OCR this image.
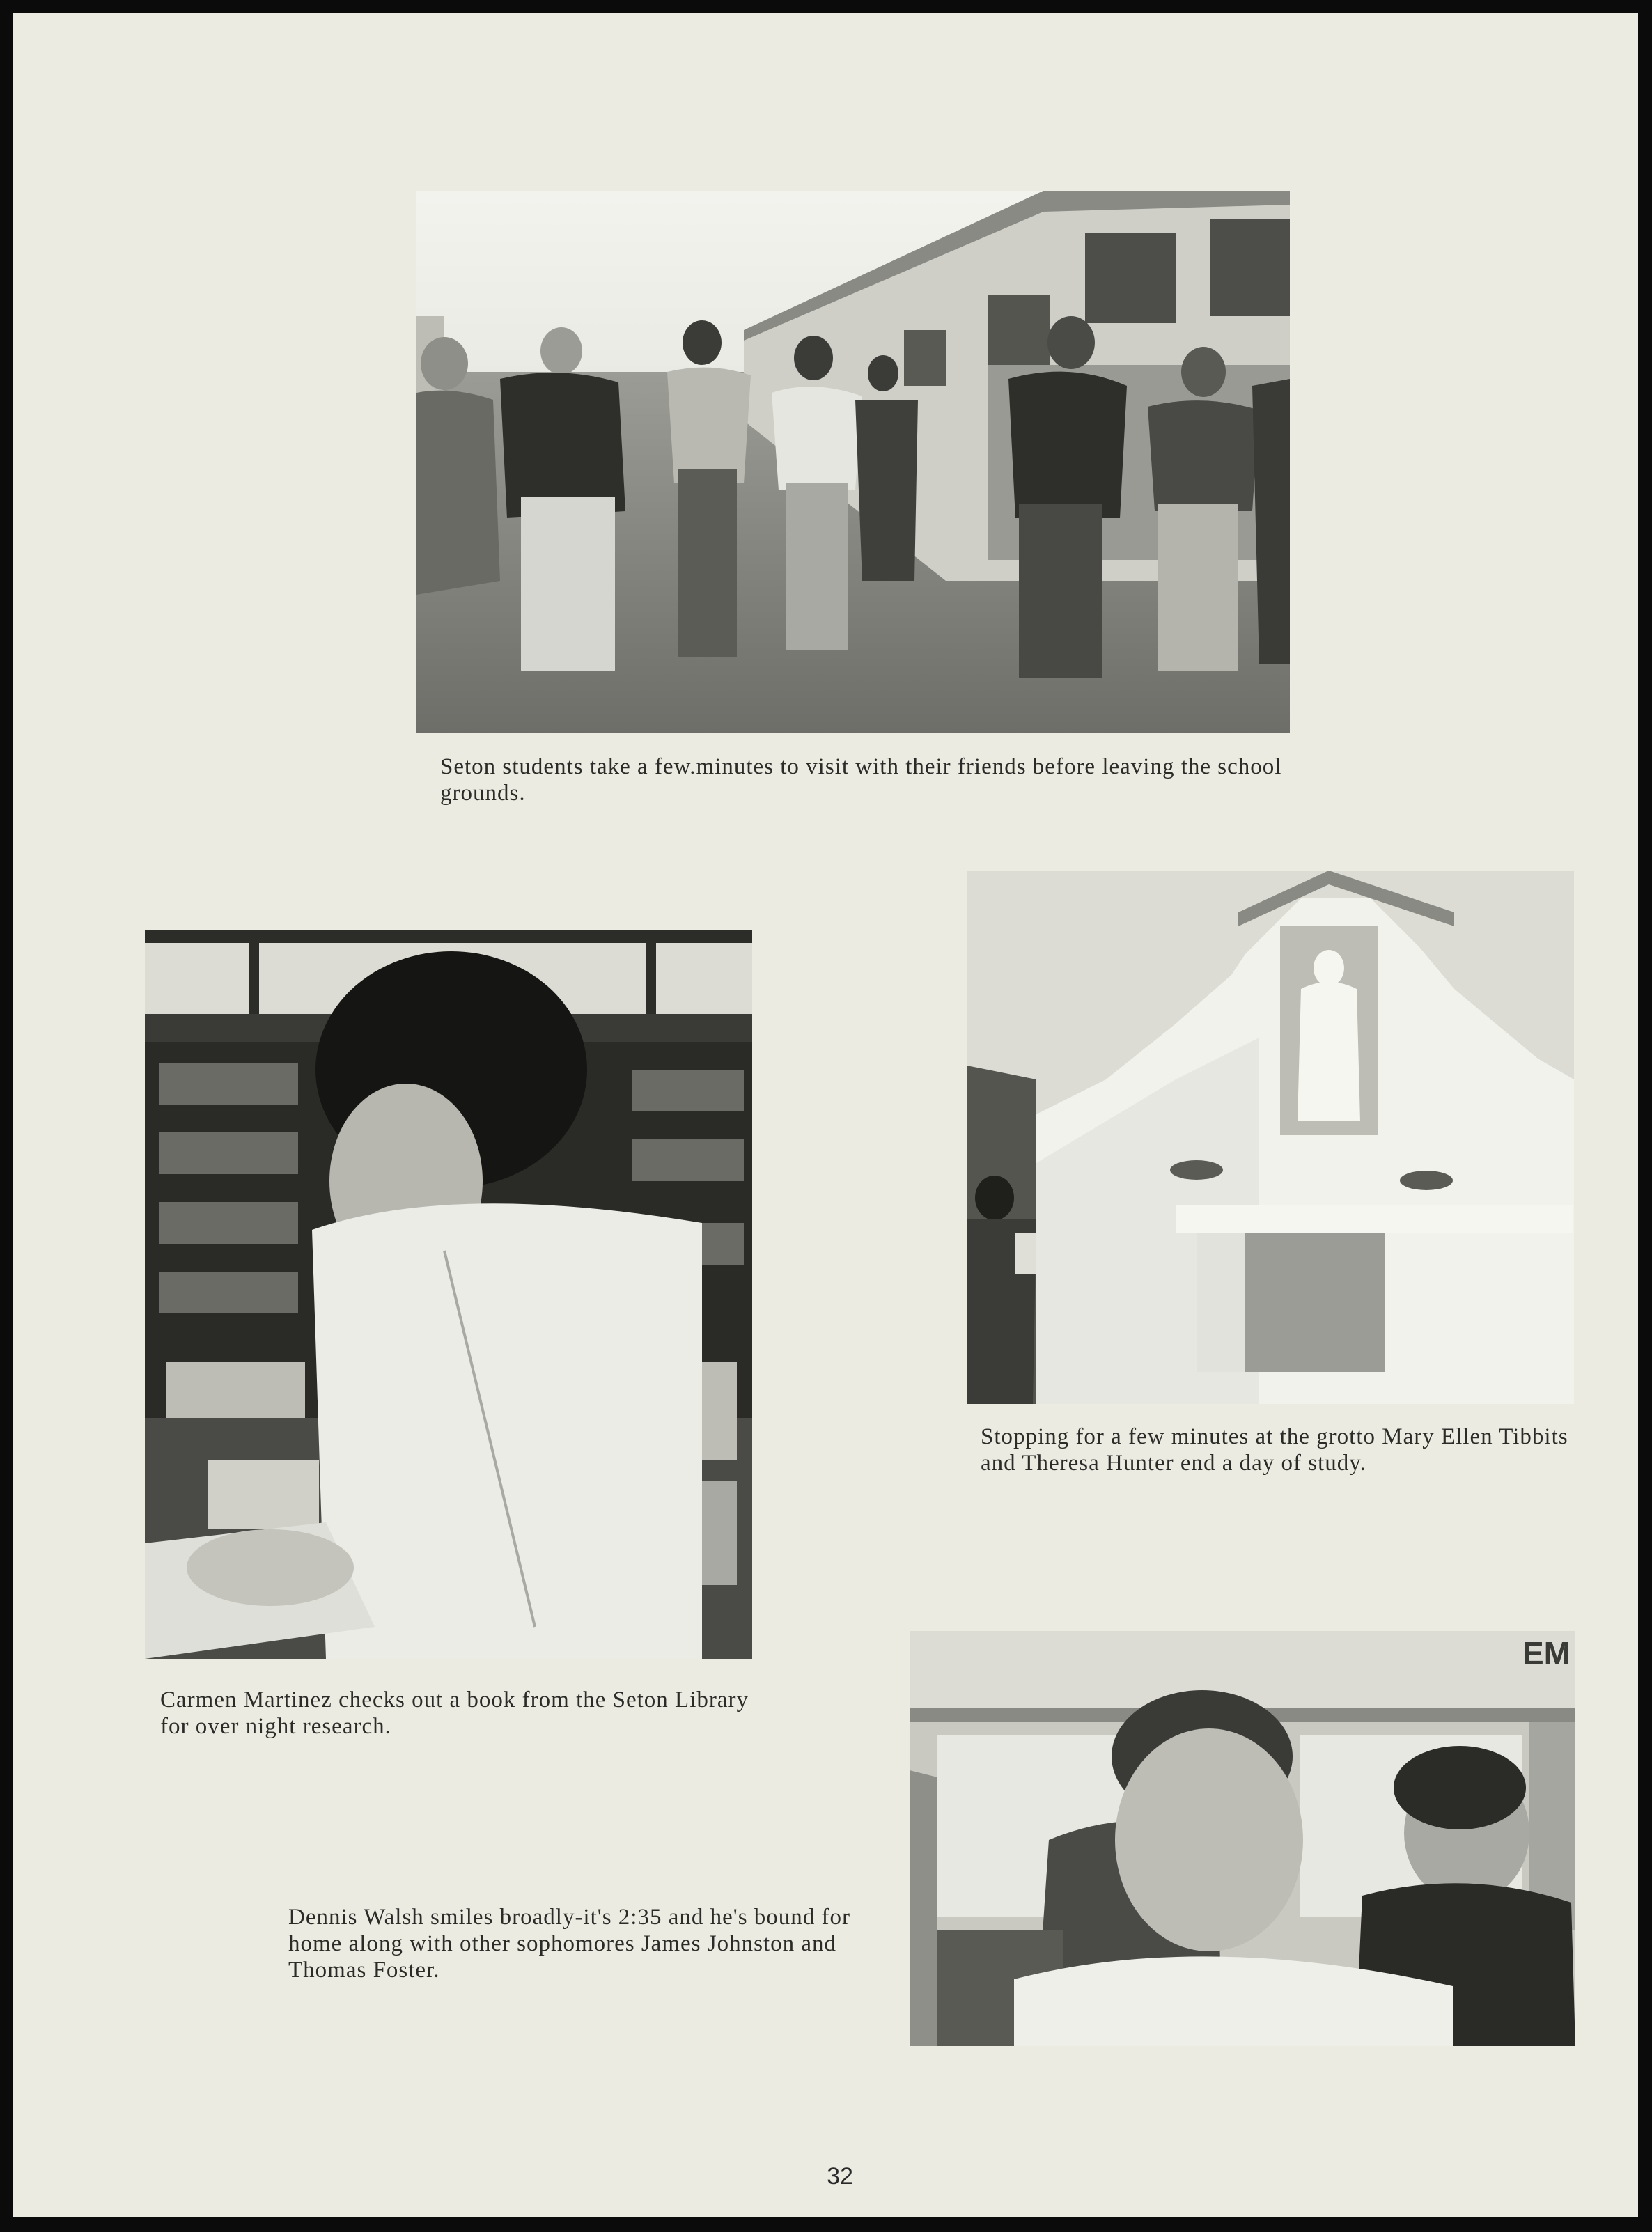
Seton students take a few.minutes to visit with their friends before leaving the school grounds.

Carmen Martinez checks out a book from the Seton Library for over night research.

Stopping for a few minutes at the grotto Mary Ellen Tibbits and Theresa Hunter end a day of study.

EM

Dennis Walsh smiles broadly-it's 2:35 and he's bound for home along with other sophomores James Johnston and Thomas Foster.

32
